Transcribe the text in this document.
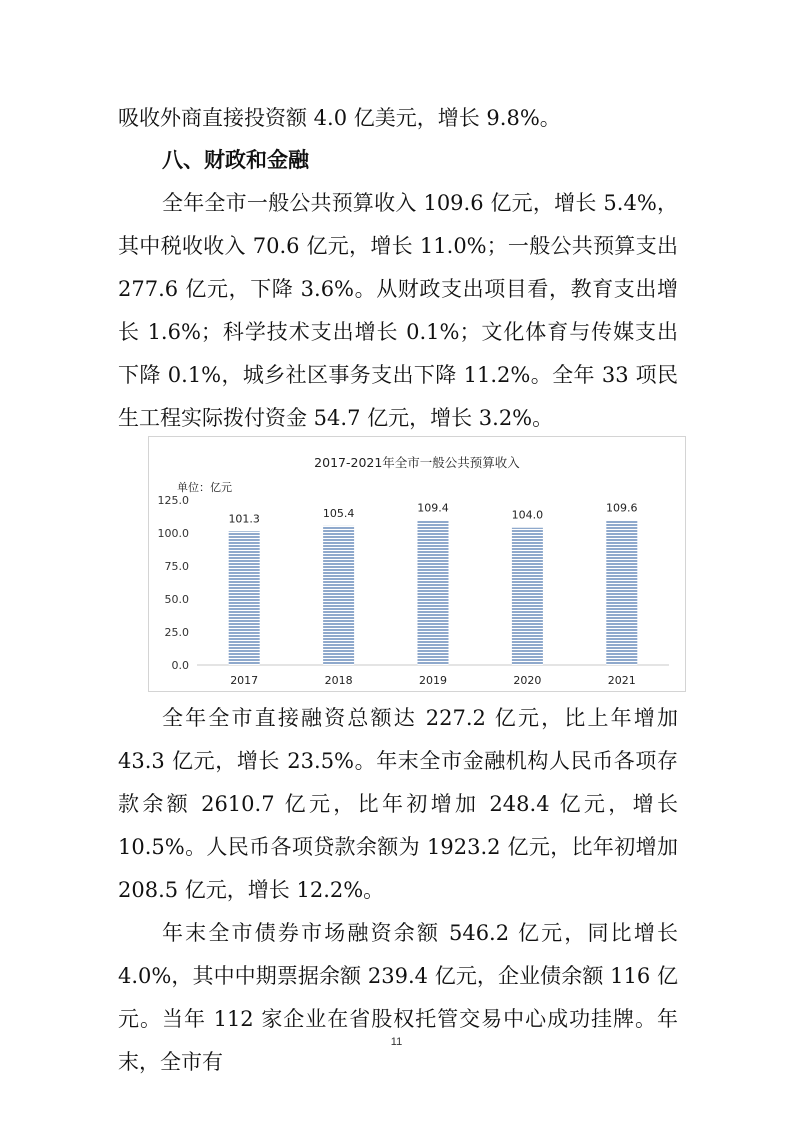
吸收外商直接投资额 4.0 亿美元，增长 9.8%。

八、财政和金融

全年全市一般公共预算收入 109.6 亿元，增长 5.4%，其中税收收入 70.6 亿元，增长 11.0%；一般公共预算支出 277.6 亿元，下降 3.6%。从财政支出项目看，教育支出增长 1.6%；科学技术支出增长 0.1%；文化体育与传媒支出下降 0.1%，城乡社区事务支出下降 11.2%。全年 33 项民生工程实际拨付资金 54.7 亿元，增长 3.2%。

2017-2021年全市一般公共预算收入
单位：亿元
0.0
25.0
50.0
75.0
100.0
125.0
2017	2018	2019	2020	2021
101.3	105.4	109.4
104.0
109.6

全年全市直接融资总额达 227.2 亿元，比上年增加 43.3 亿元，增长 23.5%。年末全市金融机构人民币各项存款余额 2610.7 亿元，比年初增加 248.4 亿元，增长 10.5%。人民币各项贷款余额为 1923.2 亿元，比年初增加 208.5 亿元，增长 12.2%。

年末全市债券市场融资余额 546.2 亿元，同比增长 4.0%，其中中期票据余额 239.4 亿元，企业债余额 116 亿元。当年 112 家企业在省股权托管交易中心成功挂牌。年末，全市有

11
